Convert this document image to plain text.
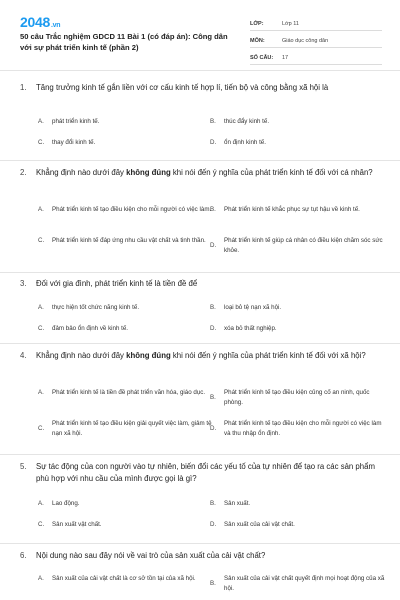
2048.vn
50 câu Trắc nghiệm GDCD 11 Bài 1 (có đáp án): Công dân với sự phát triển kinh tế (phần 2)
LỚP:	Lớp 11
MÔN:	Giáo dục công dân
SỐ CÂU:	17
1.	Tăng trưởng kinh tế gắn liền với cơ cấu kinh tế hợp lí, tiến bộ và công bằng xã hội là
A.	phát triển kinh tế.	B.	thúc đẩy kinh tế.
C.	thay đổi kinh tế.	D.	ổn định kinh tế.
2.	Khẳng định nào dưới đây không đúng khi nói đến ý nghĩa của phát triển kinh tế đối với cá nhân?
A.	Phát triển kinh tế tạo điều kiện cho mỗi người có việc làm.
B.	Phát triển kinh tế khắc phục sự tụt hậu về kinh tế.
C.	Phát triển kinh tế đáp ứng nhu cầu vật chất và tinh thần.
D.
Phát triển kinh tế giúp cá nhân có điều kiện chăm sóc sức khỏe.
3.	Đối với gia đình, phát triển kinh tế là tiền đề để
A.	thực hiện tốt chức năng kinh tế.	B.	loại bỏ tệ nạn xã hội.
C.	đảm bảo ổn định về kinh tế.	D.	xóa bỏ thất nghiệp.
4.	Khẳng định nào dưới đây không đúng khi nói đến ý nghĩa của phát triển kinh tế đối với xã hội?
A.	Phát triển kinh tế là tiền đề phát triển văn hóa, giáo dục.
B.
Phát triển kinh tế tạo điều kiện củng cố an ninh, quốc phòng.
C.
Phát triển kinh tế tạo điều kiện giải quyết việc làm, giảm tệ nạn xã hội.
D.
Phát triển kinh tế tạo điều kiện cho mỗi người có việc làm và thu nhập ổn định.
5.	Sự tác động của con người vào tự nhiên, biến đổi các yếu tố của tự nhiên để tạo ra các sản phẩm phù hợp với nhu cầu của mình được gọi là gì?
A.	Lao động.	B.	Sản xuất.
C.	Sản xuất vật chất.	D.	Sản xuất của cải vật chất.
6.	Nội dung nào sau đây nói về vai trò của sản xuất của cải vật chất?
A.	Sản xuất của cải vật chất là cơ sở tồn tại của xã hội.
B.
Sản xuất của cải vật chất quyết định mọi hoạt động của xã hội.
